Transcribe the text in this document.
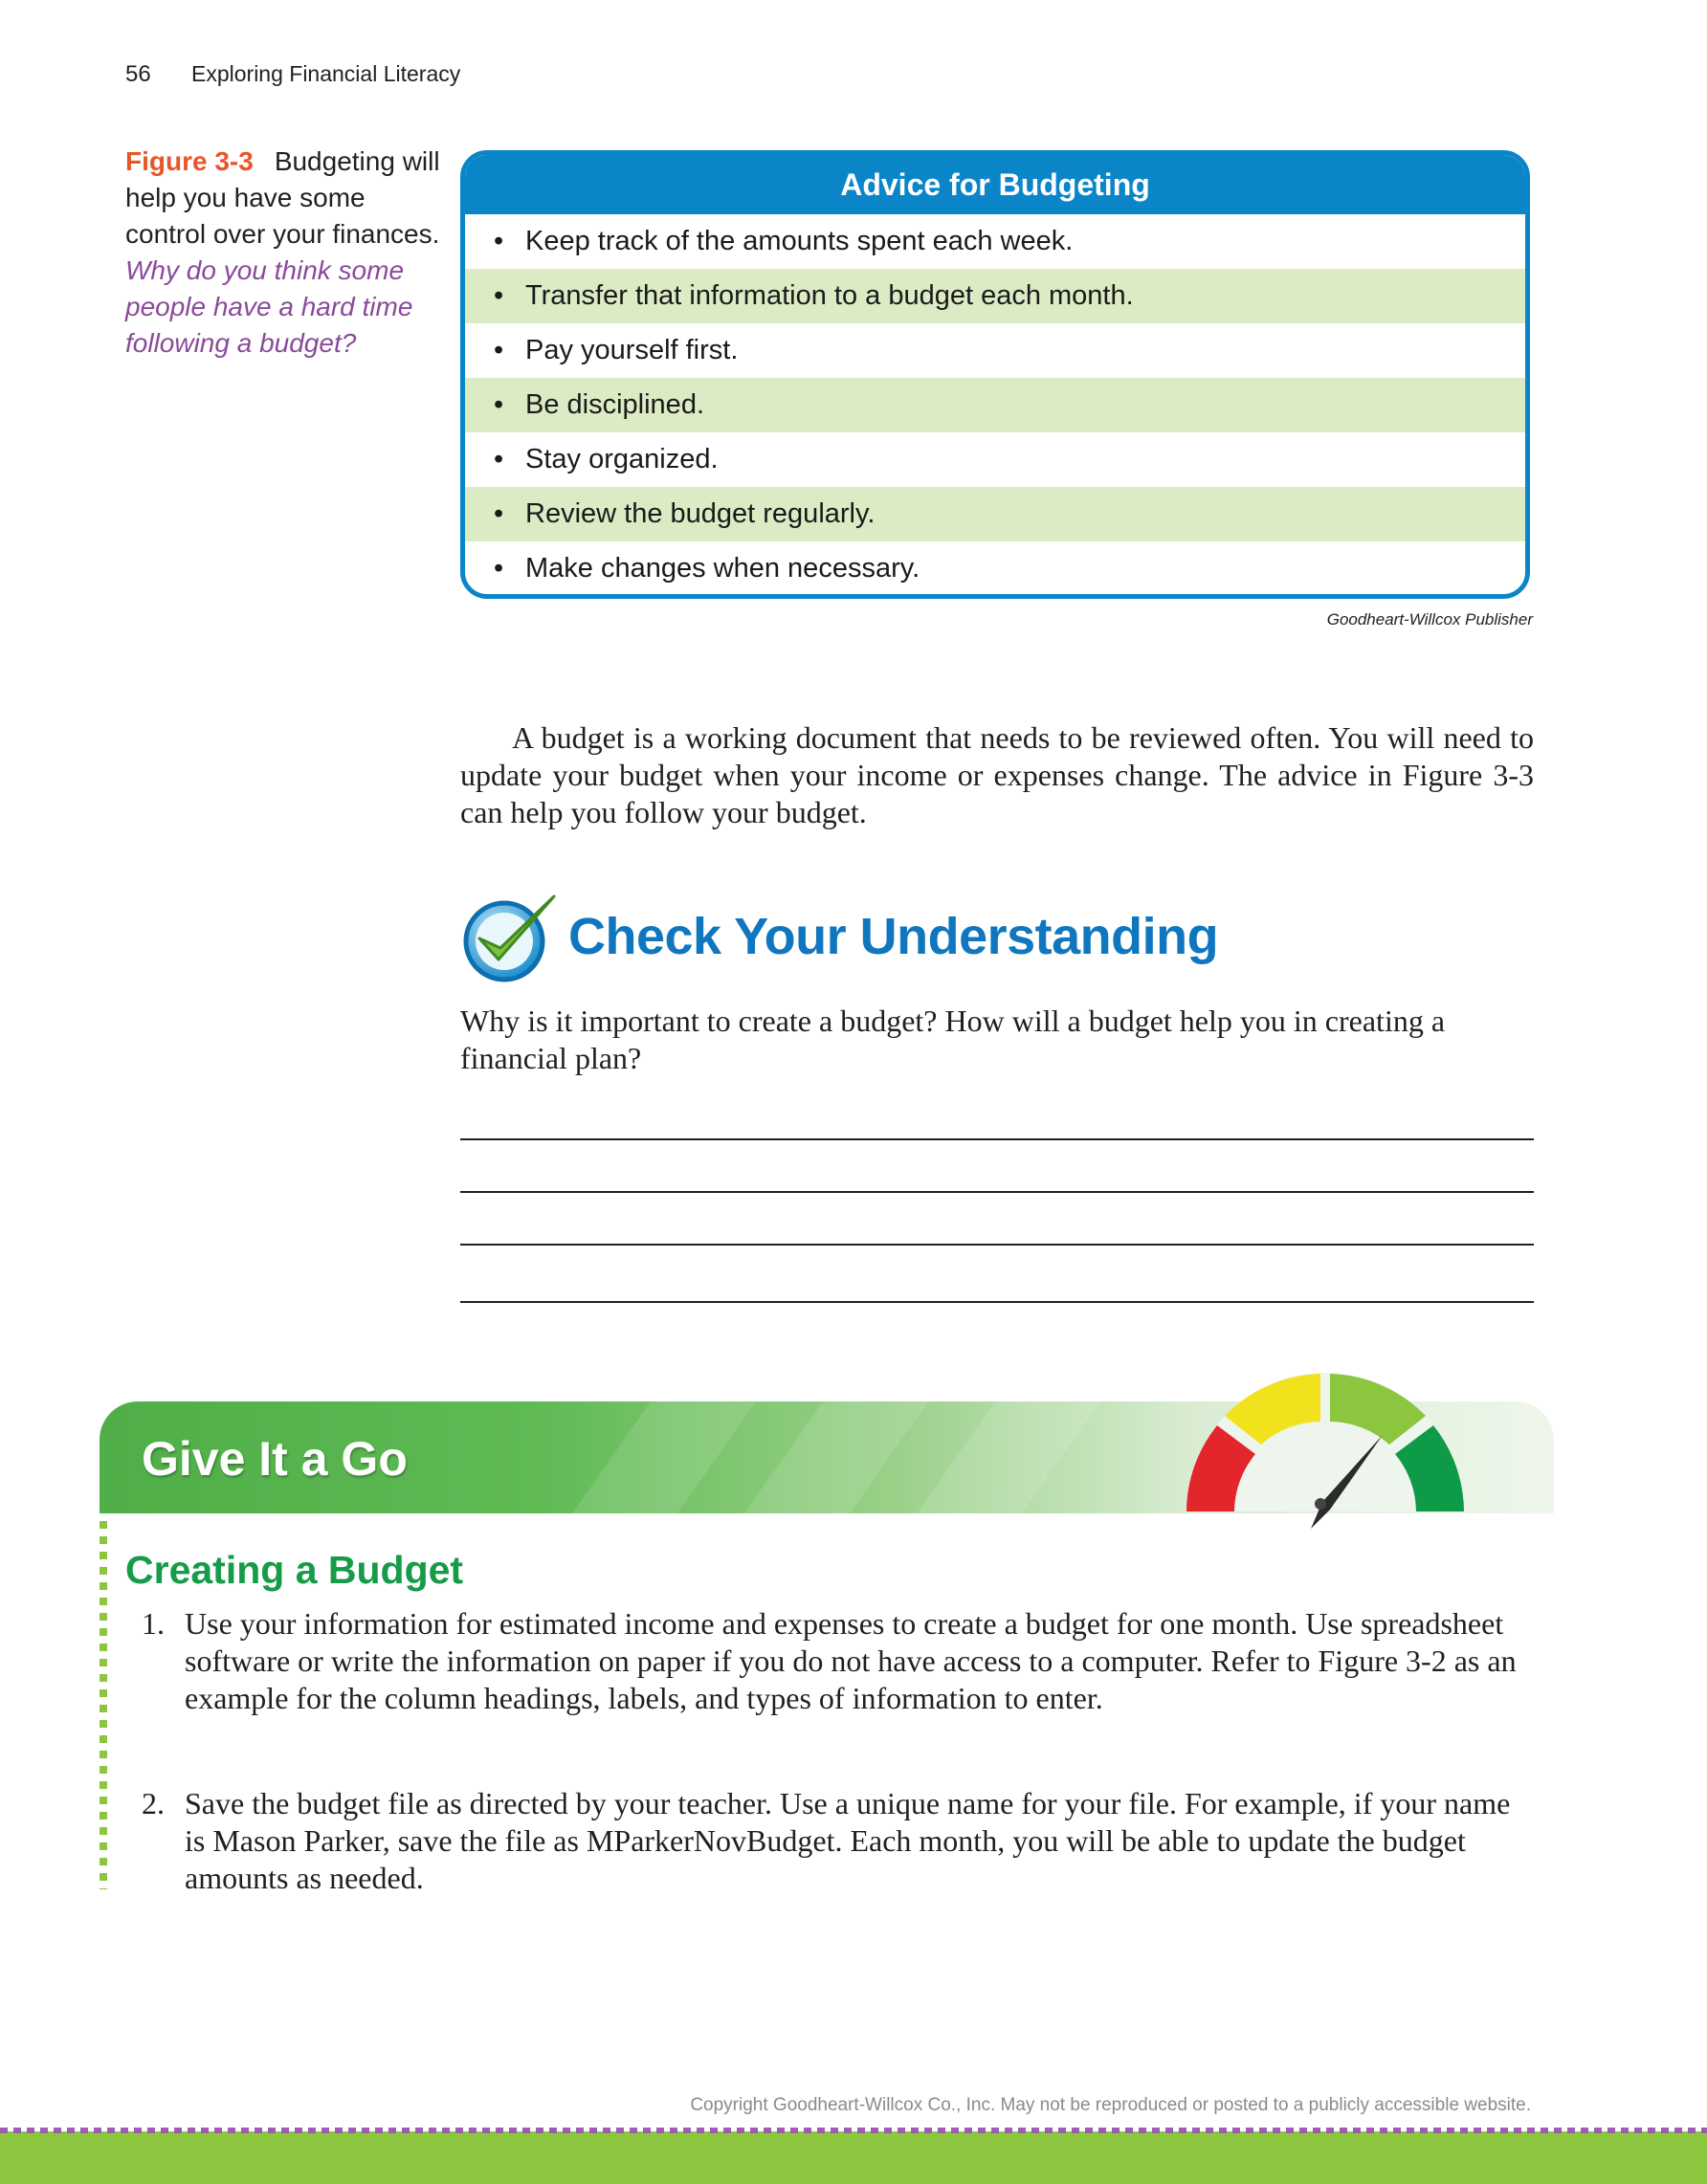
56 Exploring Financial Literacy
Figure 3-3 Budgeting will help you have some control over your finances. Why do you think some people have a hard time following a budget?
Advice for Budgeting
• Keep track of the amounts spent each week.
• Transfer that information to a budget each month.
• Pay yourself first.
• Be disciplined.
• Stay organized.
• Review the budget regularly.
• Make changes when necessary.
Goodheart-Willcox Publisher
A budget is a working document that needs to be reviewed often. You will need to update your budget when your income or expenses change. The advice in Figure 3-3 can help you follow your budget.
Check Your Understanding
Why is it important to create a budget? How will a budget help you in creating a financial plan?
Give It a Go
Creating a Budget
1. Use your information for estimated income and expenses to create a budget for one month. Use spreadsheet software or write the information on paper if you do not have access to a computer. Refer to Figure 3-2 as an example for the column headings, labels, and types of information to enter.
2. Save the budget file as directed by your teacher. Use a unique name for your file. For example, if your name is Mason Parker, save the file as MParkerNovBudget. Each month, you will be able to update the budget amounts as needed.
Copyright Goodheart-Willcox Co., Inc. May not be reproduced or posted to a publicly accessible website.
